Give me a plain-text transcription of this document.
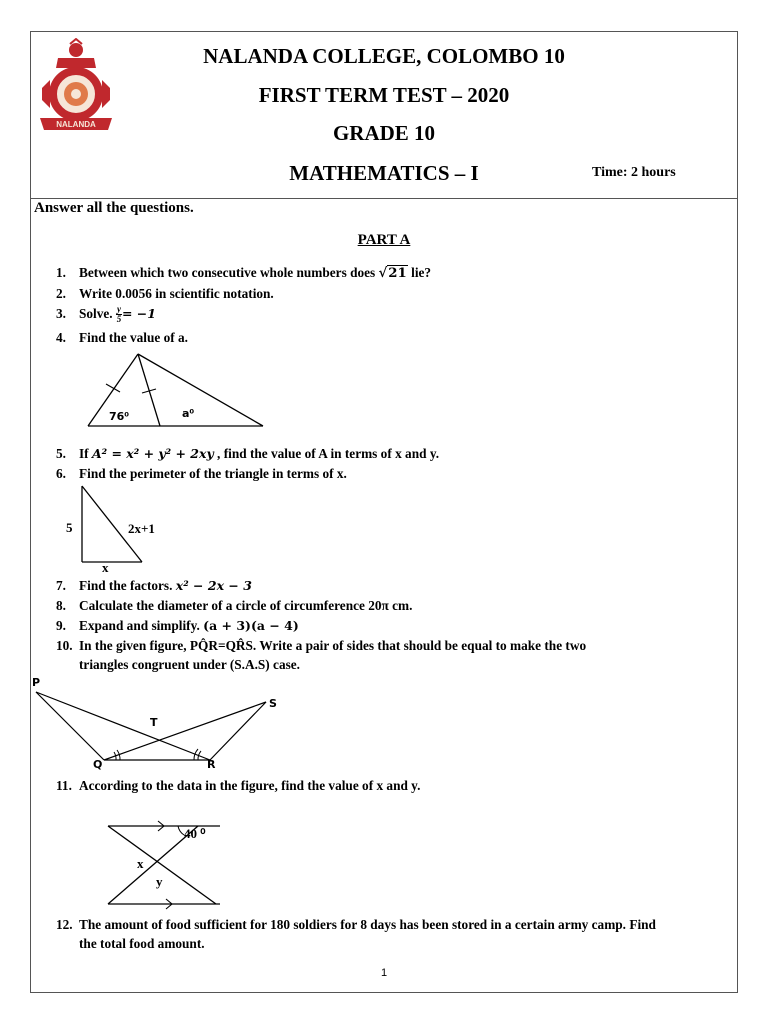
NALANDA
NALANDA COLLEGE, COLOMBO 10
FIRST TERM TEST – 2020
GRADE 10
MATHEMATICS – I	Time: 2 hours
Answer all the questions.
PART A
1. Between which two consecutive whole numbers does √21 lie?
2. Write 0.0056 in scientific notation.
3. Solve. $\frac{y}{5} = -1$
4. Find the value of a.
76⁰	a⁰
5. If A² = x² + y² + 2xy , find the value of A in terms of x and y.
6. Find the perimeter of the triangle in terms of x.
5	2x+1
x
7. Find the factors. x² − 2x − 3
8. Calculate the diameter of a circle of circumference 20π cm.
9. Expand and simplify. (a + 3)(a − 4)
10. In the given figure, PQ̂R=QR̂S. Write a pair of sides that should be equal to make the two
triangles congruent under (S.A.S) case.
P
S
T
Q	R
11. According to the data in the figure, find the value of x and y.
40 ⁰
x
y
12. The amount of food sufficient for 180 soldiers for 8 days has been stored in a certain army camp. Find
the total food amount.
1
